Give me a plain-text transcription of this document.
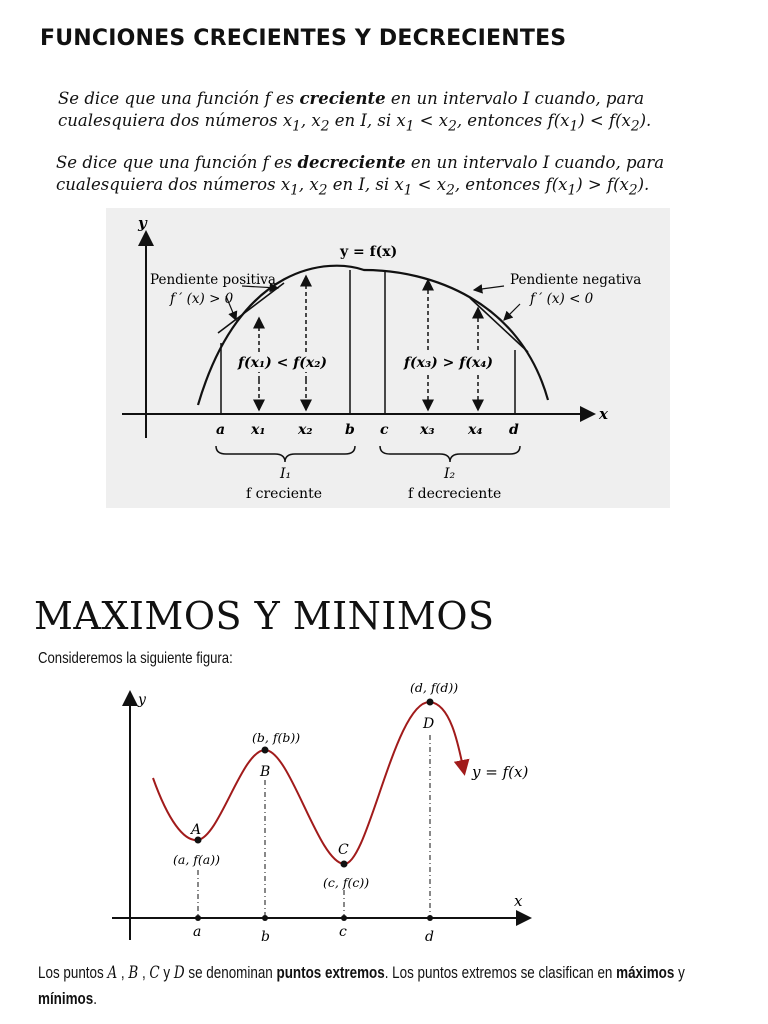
FUNCIONES CRECIENTES Y DECRECIENTES
Se dice que una función f es creciente en un intervalo I cuando, para
cualesquiera dos números $x_1$, $x_2$ en I, si $x_1 < x_2$, entonces $f(x_1) < f(x_2)$.
Se dice que una función f es decreciente en un intervalo I cuando, para
cualesquiera dos números $x_1$, $x_2$ en I, si $x_1 < x_2$, entonces $f(x_1) > f(x_2)$.
y
x
y = f(x)
Pendiente positiva
f ′ (x) > 0
Pendiente negativa
f ′ (x) < 0
f(x₁) < f(x₂)	f(x₃) > f(x₄)
a x₁ x₂ b c x₃ x₄ d
I₁	I₂
f creciente	f decreciente
MAXIMOS Y MINIMOS
Consideremos la siguiente figura:
y
x
y = f(x)
A
B
C
D
(a, f(a))
(b, f(b))
(c, f(c))
(d, f(d))
a	b	c	d
Los puntos A , B , C y D se denominan puntos extremos. Los puntos extremos se clasifican en máximos y
mínimos.
